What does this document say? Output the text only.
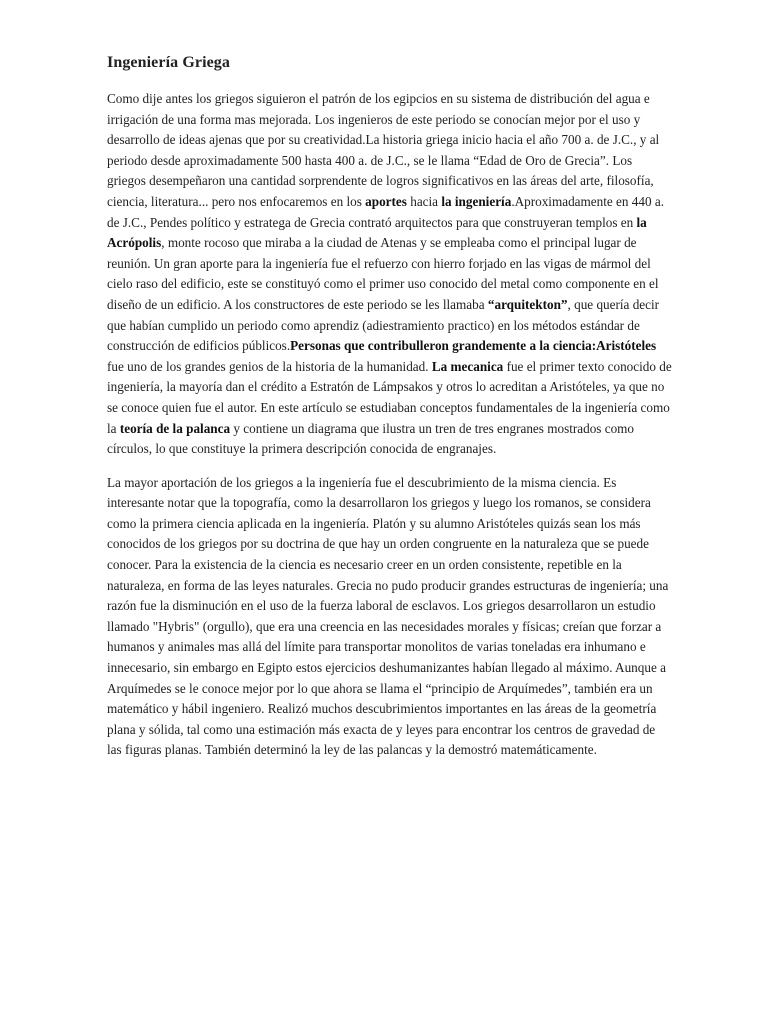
Ingeniería Griega

Como dije antes los griegos siguieron el patrón de los egipcios en su sistema de distribución del agua e irrigación de una forma mas mejorada. Los ingenieros de este periodo se conocían mejor por el uso y desarrollo de ideas ajenas que por su creatividad.La historia griega inicio hacia el año 700 a. de J.C., y al periodo desde aproximadamente 500 hasta 400 a. de J.C., se le llama “Edad de Oro de Grecia”. Los griegos desempeñaron una cantidad sorprendente de logros significativos en las áreas del arte, filosofía, ciencia, literatura... pero nos enfocaremos en los aportes hacia la ingeniería.Aproximadamente en 440 a. de J.C., Pendes político y estratega de Grecia contrató arquitectos para que construyeran templos en la Acrópolis, monte rocoso que miraba a la ciudad de Atenas y se empleaba como el principal lugar de reunión. Un gran aporte para la ingeniería fue el refuerzo con hierro forjado en las vigas de mármol del cielo raso del edificio, este se constituyó como el primer uso conocido del metal como componente en el diseño de un edificio. A los constructores de este periodo se les llamaba “arquitekton”, que quería decir que habían cumplido un periodo como aprendiz (adiestramiento practico) en los métodos estándar de construcción de edificios públicos.Personas que contribulleron grandemente a la ciencia:Aristóteles fue uno de los grandes genios de la historia de la humanidad. La mecanica fue el primer texto conocido de ingeniería, la mayoría dan el crédito a Estratón de Lámpsakos y otros lo acreditan a Aristóteles, ya que no se conoce quien fue el autor. En este artículo se estudiaban conceptos fundamentales de la ingeniería como la teoría de la palanca y contiene un diagrama que ilustra un tren de tres engranes mostrados como círculos, lo que constituye la primera descripción conocida de engranajes.

La mayor aportación de los griegos a la ingeniería fue el descubrimiento de la misma ciencia. Es interesante notar que la topografía, como la desarrollaron los griegos y luego los romanos, se considera como la primera ciencia aplicada en la ingeniería. Platón y su alumno Aristóteles quizás sean los más conocidos de los griegos por su doctrina de que hay un orden congruente en la naturaleza que se puede conocer. Para la existencia de la ciencia es necesario creer en un orden consistente, repetible en la naturaleza, en forma de las leyes naturales. Grecia no pudo producir grandes estructuras de ingeniería; una razón fue la disminución en el uso de la fuerza laboral de esclavos. Los griegos desarrollaron un estudio llamado "Hybris" (orgullo), que era una creencia en las necesidades morales y físicas; creían que forzar a humanos y animales mas allá del límite para transportar monolitos de varias toneladas era inhumano e innecesario, sin embargo en Egipto estos ejercicios deshumanizantes habían llegado al máximo. Aunque a Arquímedes se le conoce mejor por lo que ahora se llama el “principio de Arquímedes”, también era un matemático y hábil ingeniero. Realizó muchos descubrimientos importantes en las áreas de la geometría plana y sólida, tal como una estimación más exacta de y leyes para encontrar los centros de gravedad de las figuras planas. También determinó la ley de las palancas y la demostró matemáticamente.
